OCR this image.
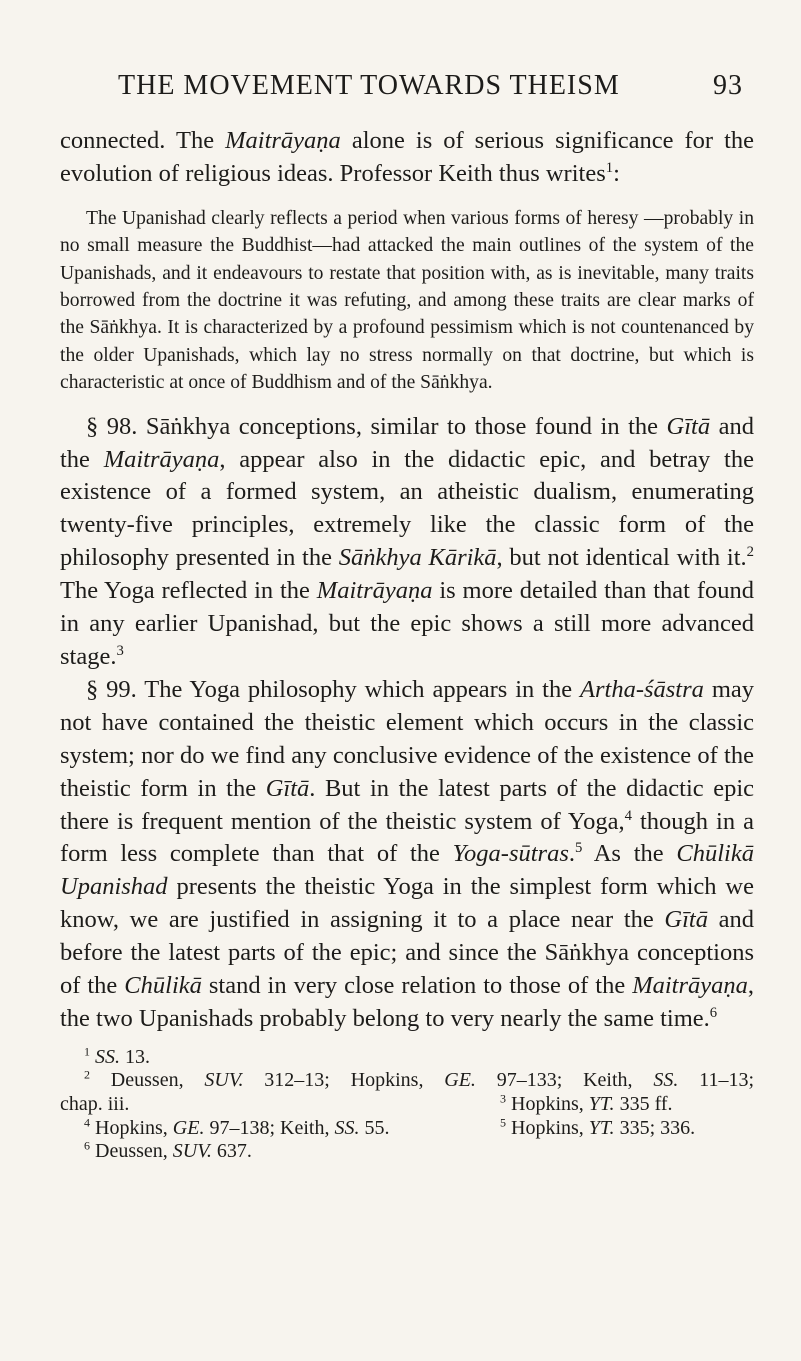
THE MOVEMENT TOWARDS THEISM	93

connected. The Maitrāyaṇa alone is of serious significance for the evolution of religious ideas. Professor Keith thus writes$^1$:

The Upanishad clearly reflects a period when various forms of heresy —probably in no small measure the Buddhist—had attacked the main outlines of the system of the Upanishads, and it endeavours to restate that position with, as is inevitable, many traits borrowed from the doctrine it was refuting, and among these traits are clear marks of the Sāṅkhya. It is characterized by a profound pessimism which is not countenanced by the older Upanishads, which lay no stress normally on that doctrine, but which is characteristic at once of Buddhism and of the Sāṅkhya.

§ 98. Sāṅkhya conceptions, similar to those found in the Gītā and the Maitrāyaṇa, appear also in the didactic epic, and betray the existence of a formed system, an atheistic dualism, enumerating twenty-five principles, extremely like the classic form of the philosophy presented in the Sāṅkhya Kārikā, but not identical with it.$^2$ The Yoga reflected in the Maitrāyaṇa is more detailed than that found in any earlier Upanishad, but the epic shows a still more advanced stage.$^3$

§ 99. The Yoga philosophy which appears in the Artha-śāstra may not have contained the theistic element which occurs in the classic system; nor do we find any conclusive evidence of the existence of the theistic form in the Gītā. But in the latest parts of the didactic epic there is frequent mention of the theistic system of Yoga,$^4$ though in a form less complete than that of the Yoga-sūtras.$^5$ As the Chūlikā Upanishad presents the theistic Yoga in the simplest form which we know, we are justified in assigning it to a place near the Gītā and before the latest parts of the epic; and since the Sāṅkhya conceptions of the Chūlikā stand in very close relation to those of the Maitrāyaṇa, the two Upanishads probably belong to very nearly the same time.$^6$

$^1$ SS. 13.
$^2$ Deussen, SUV. 312–13; Hopkins, GE. 97–133; Keith, SS. 11–13;
chap. iii.	$^3$ Hopkins, YT. 335 ff.
$^4$ Hopkins, GE. 97–138; Keith, SS. 55.	$^5$ Hopkins, YT. 335; 336.
$^6$ Deussen, SUV. 637.
